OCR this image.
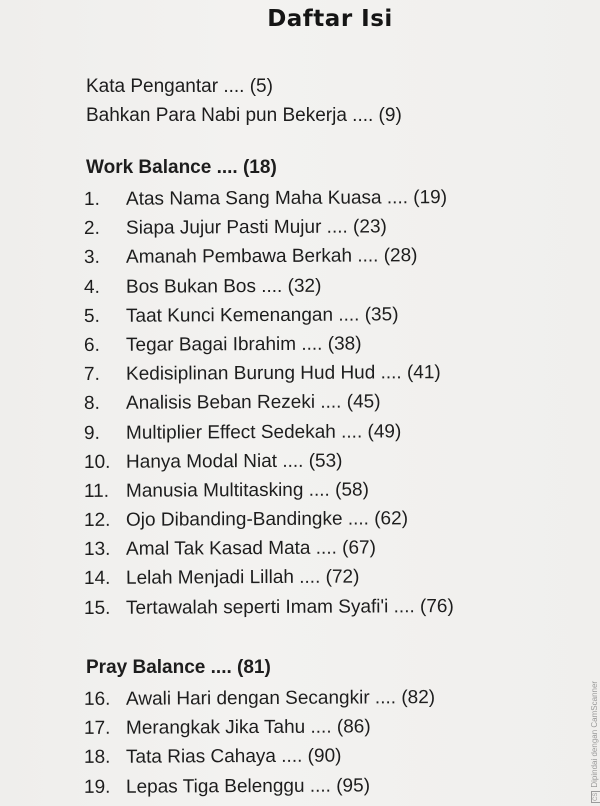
Daftar Isi
Kata Pengantar .... (5)
Bahkan Para Nabi pun Bekerja .... (9)
Work Balance .... (18)
1. Atas Nama Sang Maha Kuasa .... (19)
2. Siapa Jujur Pasti Mujur .... (23)
3. Amanah Pembawa Berkah .... (28)
4. Bos Bukan Bos .... (32)
5. Taat Kunci Kemenangan .... (35)
6. Tegar Bagai Ibrahim .... (38)
7. Kedisiplinan Burung Hud Hud .... (41)
8. Analisis Beban Rezeki .... (45)
9. Multiplier Effect Sedekah .... (49)
10. Hanya Modal Niat .... (53)
11. Manusia Multitasking .... (58)
12. Ojo Dibanding-Bandingke .... (62)
13. Amal Tak Kasad Mata .... (67)
14. Lelah Menjadi Lillah .... (72)
15. Tertawalah seperti Imam Syafi'i .... (76)
Pray Balance .... (81)
16. Awali Hari dengan Secangkir .... (82)
17. Merangkak Jika Tahu .... (86)
18. Tata Rias Cahaya .... (90)
19. Lepas Tiga Belenggu .... (95)	CSDipindai dengan CamScanner
